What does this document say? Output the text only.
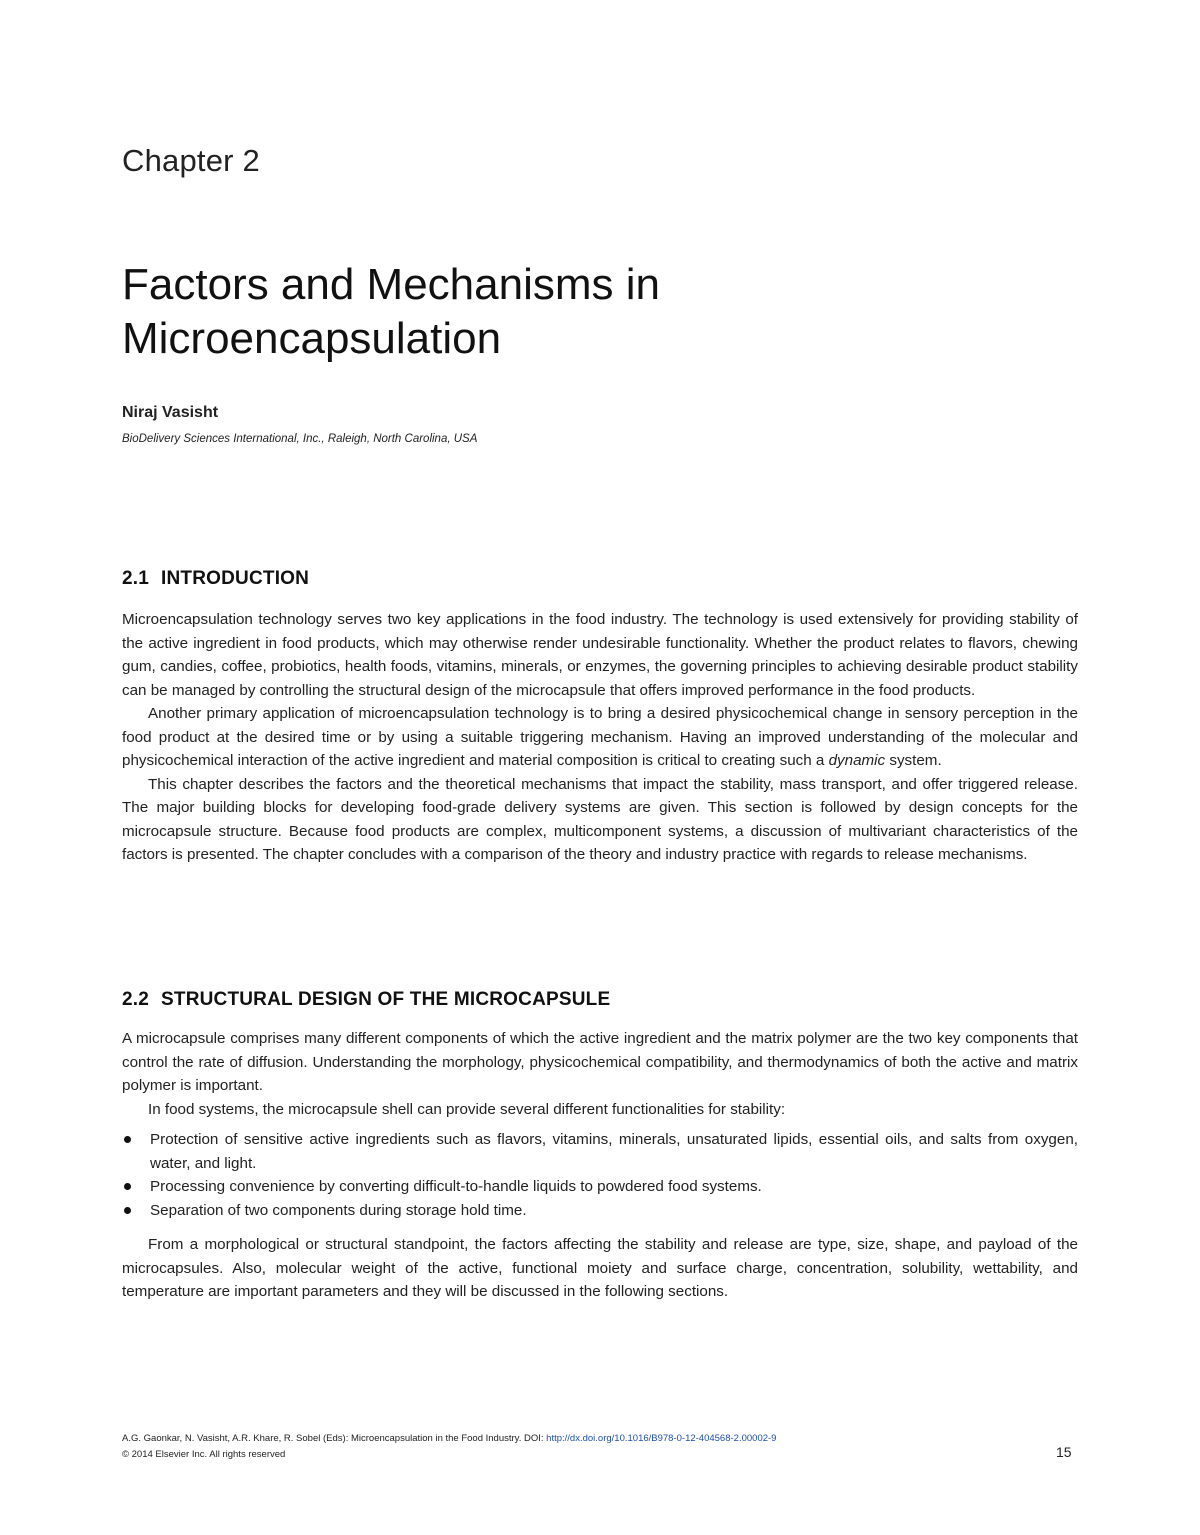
Chapter 2
Factors and Mechanisms in
Microencapsulation
Niraj Vasisht
BioDelivery Sciences International, Inc., Raleigh, North Carolina, USA
2.1 INTRODUCTION

Microencapsulation technology serves two key applications in the food industry. The technology is used extensively for providing stability of the active ingredient in food products, which may otherwise render undesirable functionality. Whether the product relates to flavors, chewing gum, candies, coffee, probiotics, health foods, vitamins, minerals, or enzymes, the governing principles to achieving desirable product stability can be managed by controlling the structural design of the microcapsule that offers improved performance in the food products.

Another primary application of microencapsulation technology is to bring a desired physicochemical change in sensory perception in the food product at the desired time or by using a suitable triggering mechanism. Having an improved understanding of the molecular and physicochemical interaction of the active ingredient and material composition is critical to creating such a dynamic system.

This chapter describes the factors and the theoretical mechanisms that impact the stability, mass transport, and offer triggered release. The major building blocks for developing food-grade delivery systems are given. This section is followed by design concepts for the microcapsule structure. Because food products are complex, multicomponent systems, a discussion of multivariant characteristics of the factors is presented. The chapter concludes with a comparison of the theory and industry practice with regards to release mechanisms.

2.2 STRUCTURAL DESIGN OF THE MICROCAPSULE

A microcapsule comprises many different components of which the active ingredient and the matrix polymer are the two key components that control the rate of diffusion. Understanding the morphology, physicochemical compatibility, and thermodynamics of both the active and matrix polymer is important.

In food systems, the microcapsule shell can provide several different functionalities for stability:

Protection of sensitive active ingredients such as flavors, vitamins, minerals, unsaturated lipids, essential oils, and salts from oxygen, water, and light.
Processing convenience by converting difficult-to-handle liquids to powdered food systems.
Separation of two components during storage hold time.

From a morphological or structural standpoint, the factors affecting the stability and release are type, size, shape, and payload of the microcapsules. Also, molecular weight of the active, functional moiety and surface charge, concentration, solubility, wettability, and temperature are important parameters and they will be discussed in the following sections.

A.G. Gaonkar, N. Vasisht, A.R. Khare, R. Sobel (Eds): Microencapsulation in the Food Industry. DOI: http://dx.doi.org/10.1016/B978-0-12-404568-2.00002-9
© 2014 Elsevier Inc. All rights reserved	15
